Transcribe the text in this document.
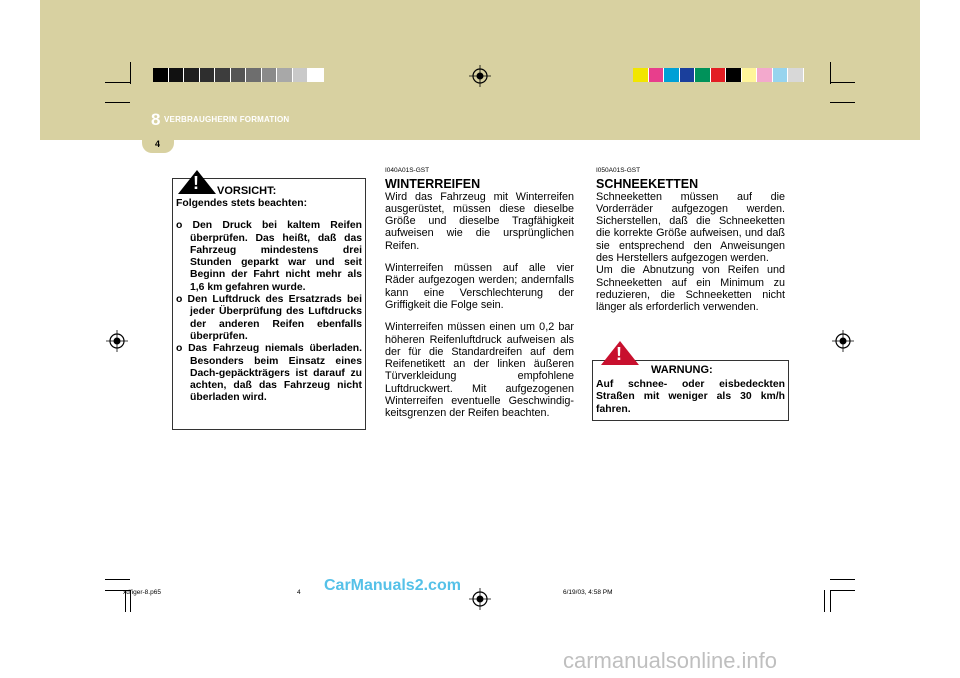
8 VERBRAUGHERIN FORMATION
4
! VORSICHT:

Folgendes stets beachten:

o Den Druck bei kaltem Reifen überprüfen. Das heißt, daß das Fahrzeug mindestens drei Stunden geparkt war und seit Beginn der Fahrt nicht mehr als 1,6 km gefahren wurde.

o Den Luftdruck des Ersatzrads bei jeder Überprüfung des Luftdrucks der anderen Reifen ebenfalls überprüfen.

o Das Fahrzeug niemals überladen. Besonders beim Einsatz eines Dach-gepäckträgers ist darauf zu achten, daß das Fahrzeug nicht überladen wird.

I040A01S-GST
WINTERREIFEN

Wird das Fahrzeug mit Winterreifen ausgerüstet, müssen diese dieselbe Größe und dieselbe Tragfähigkeit aufweisen wie die ursprünglichen Reifen.

Winterreifen müssen auf alle vier Räder aufgezogen werden; andernfalls kann eine Verschlechterung der Griffigkeit die Folge sein.

Winterreifen müssen einen um 0,2 bar höheren Reifenluftdruck aufweisen als der für die Standardreifen auf dem Reifenetikett an der linken äußeren Türverkleidung empfohlene Luftdruckwert. Mit aufgezogenen Winterreifen eventuelle Geschwindig-keitsgrenzen der Reifen beachten.

I050A01S-GST
SCHNEEKETTEN

Schneeketten müssen auf die Vorderräder aufgezogen werden. Sicherstellen, daß die Schneeketten die korrekte Größe aufweisen, und daß sie entsprechend den Anweisungen des Herstellers aufgezogen werden.

Um die Abnutzung von Reifen und Schneeketten auf ein Minimum zu reduzieren, die Schneeketten nicht länger als erforderlich verwenden.

!
WARNUNG:
Auf schnee- oder eisbedeckten Straßen mit weniger als 30 km/h fahren.
xdfiger-8.p65	4	6/19/03, 4:58 PM
CarManuals2.com
carmanualsonline.info
